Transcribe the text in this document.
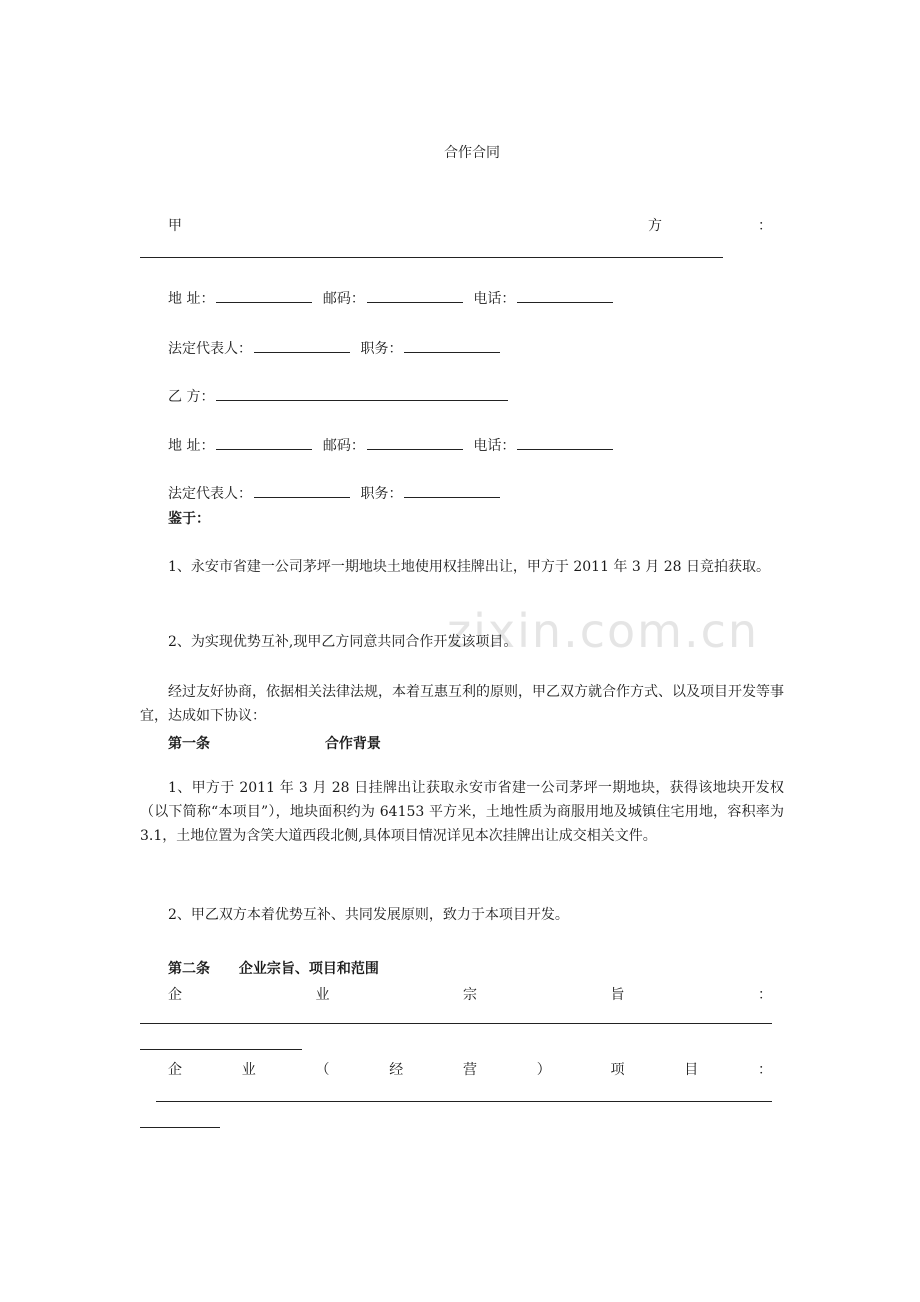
zixin.com.cn
合作合同
甲	方	：
地 址：	邮码：	电话：
法定代表人：	职务：
乙 方：
地 址：	邮码：	电话：
法定代表人：	职务：
鉴于：
1、永安市省建一公司茅坪一期地块土地使用权挂牌出让，甲方于 2011 年 3 月 28 日竞拍获取。
2、为实现优势互补,现甲乙方同意共同合作开发该项目。
经过友好协商，依据相关法律法规，本着互惠互利的原则，甲乙双方就合作方式、以及项目开发等事宜，达成如下协议：
第一条	合作背景
1、甲方于 2011 年 3 月 28 日挂牌出让获取永安市省建一公司茅坪一期地块，获得该地块开发权（以下简称“本项目”），地块面积约为 64153 平方米，土地性质为商服用地及城镇住宅用地，容积率为 3.1，土地位置为含笑大道西段北侧,具体项目情况详见本次挂牌出让成交相关文件。
2、甲乙双方本着优势互补、共同发展原则，致力于本项目开发。
第二条 企业宗旨、项目和范围
企	业	宗	旨	：
企	业	（	经	营	）	项	目	：
